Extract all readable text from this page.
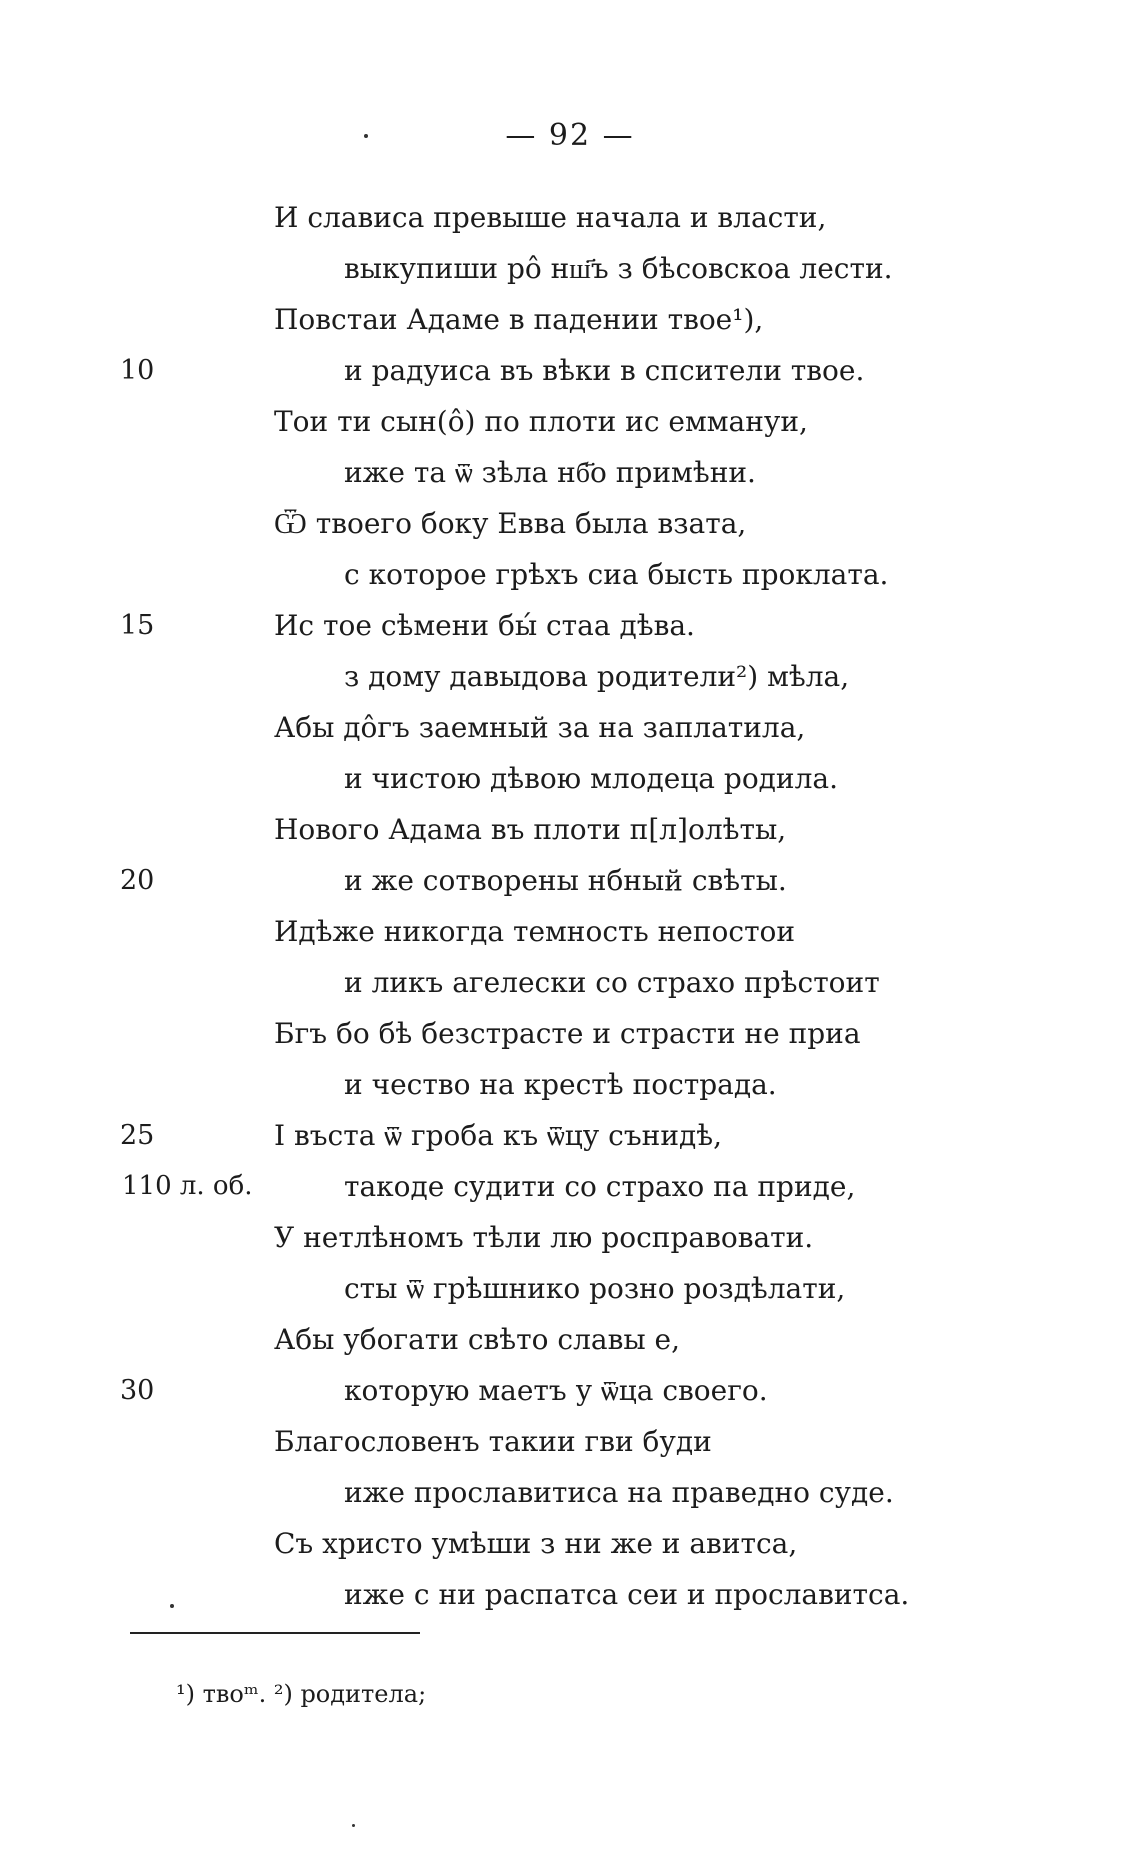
— 92 —
И слависа превыше начала и власти,
выкупиши ро̂ нш҃ъ з бѣсовскоа лести.
Повстаи Адаме в падении твое¹),
10	и радуиса въ вѣки в спсители твое.
Тои ти сын(о̂) по плоти ис еммануи,
иже та ѿ зѣла нб҃о примѣни.
Ѿ твоего боку Евва была взата,
с которое грѣхъ сиа бысть проклата.
15	Ис тое сѣмени бы́ стаа дѣва.
з дому давыдова родители²) мѣла,
Абы до̂гъ заемный за на заплатила,
и чистою дѣвою млодеца родила.
Нового Адама въ плоти п[л]олѣты,
20	и же сотворены нбный свѣты.
Идѣже никогда темность непостои
и ликъ агелески со страхо прѣстоит
Бгъ бо бѣ безстрасте и страсти не приа
и чество на крестѣ пострада.
25	І въста ѿ гроба къ ѿцу сънидѣ,
110 л. об.	такоде судити со страхо па приде,
У нетлѣномъ тѣли лю росправовати.
сты ѿ грѣшнико розно роздѣлати,
Абы убогати свѣто славы е,
30	которую маетъ у ѿца своего.
Благословенъ такии гви буди
иже прославитиса на праведно суде.
Съ христо умѣши з ни же и авитса,
иже с ни распатса сеи и прославитса.
¹) твоᵐ. ²) родитела;
